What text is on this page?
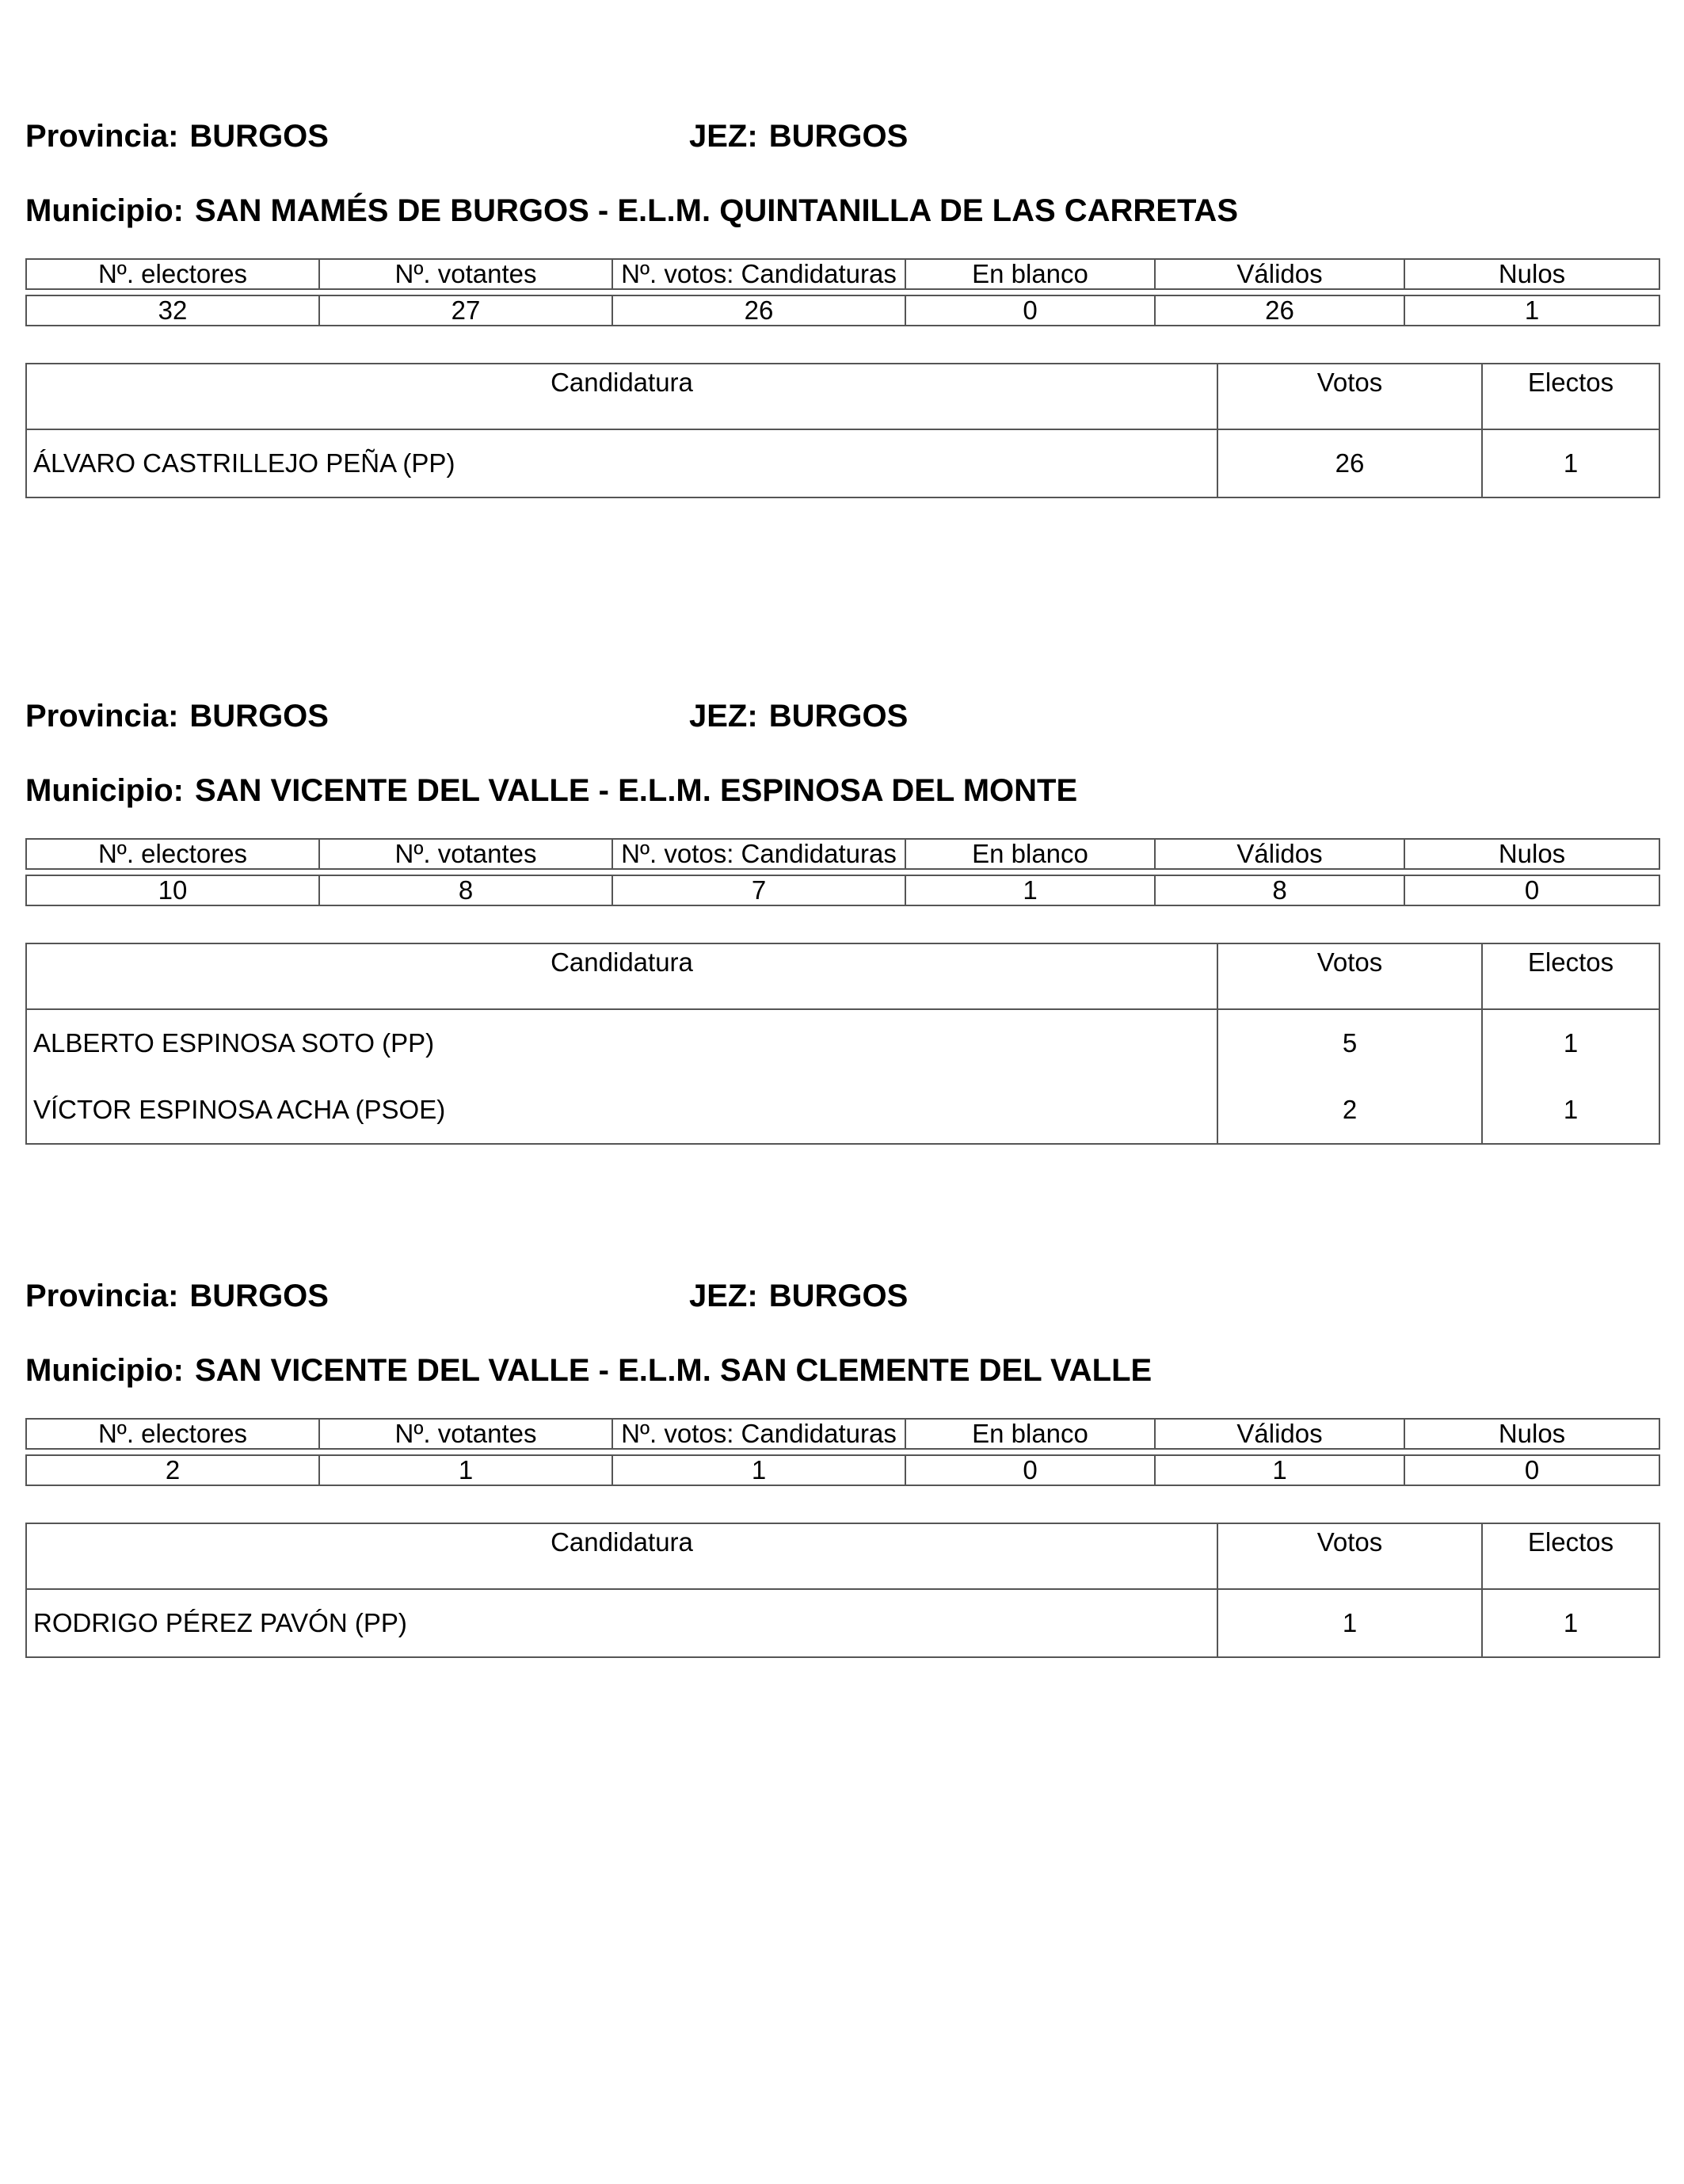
Provincia: BURGOS	JEZ: BURGOS
Municipio: SAN MAMÉS DE BURGOS - E.L.M. QUINTANILLA DE LAS CARRETAS
Nº. electores	Nº. votantes	Nº. votos: Candidaturas	En blanco	Válidos	Nulos

32	27	26	0	26	1
Candidatura	Votos	Electos
ÁLVARO CASTRILLEJO PEÑA (PP)	26	1
Provincia: BURGOS	JEZ: BURGOS
Municipio: SAN VICENTE DEL VALLE - E.L.M. ESPINOSA DEL MONTE
Nº. electores	Nº. votantes	Nº. votos: Candidaturas	En blanco	Válidos	Nulos

10	8	7	1	8	0
Candidatura	Votos	Electos
ALBERTO ESPINOSA SOTO (PP)	5	1
VÍCTOR ESPINOSA ACHA (PSOE)	2	1
Provincia: BURGOS	JEZ: BURGOS
Municipio: SAN VICENTE DEL VALLE - E.L.M. SAN CLEMENTE DEL VALLE
Nº. electores	Nº. votantes	Nº. votos: Candidaturas	En blanco	Válidos	Nulos

2	1	1	0	1	0
Candidatura	Votos	Electos
RODRIGO PÉREZ PAVÓN (PP)	1	1
